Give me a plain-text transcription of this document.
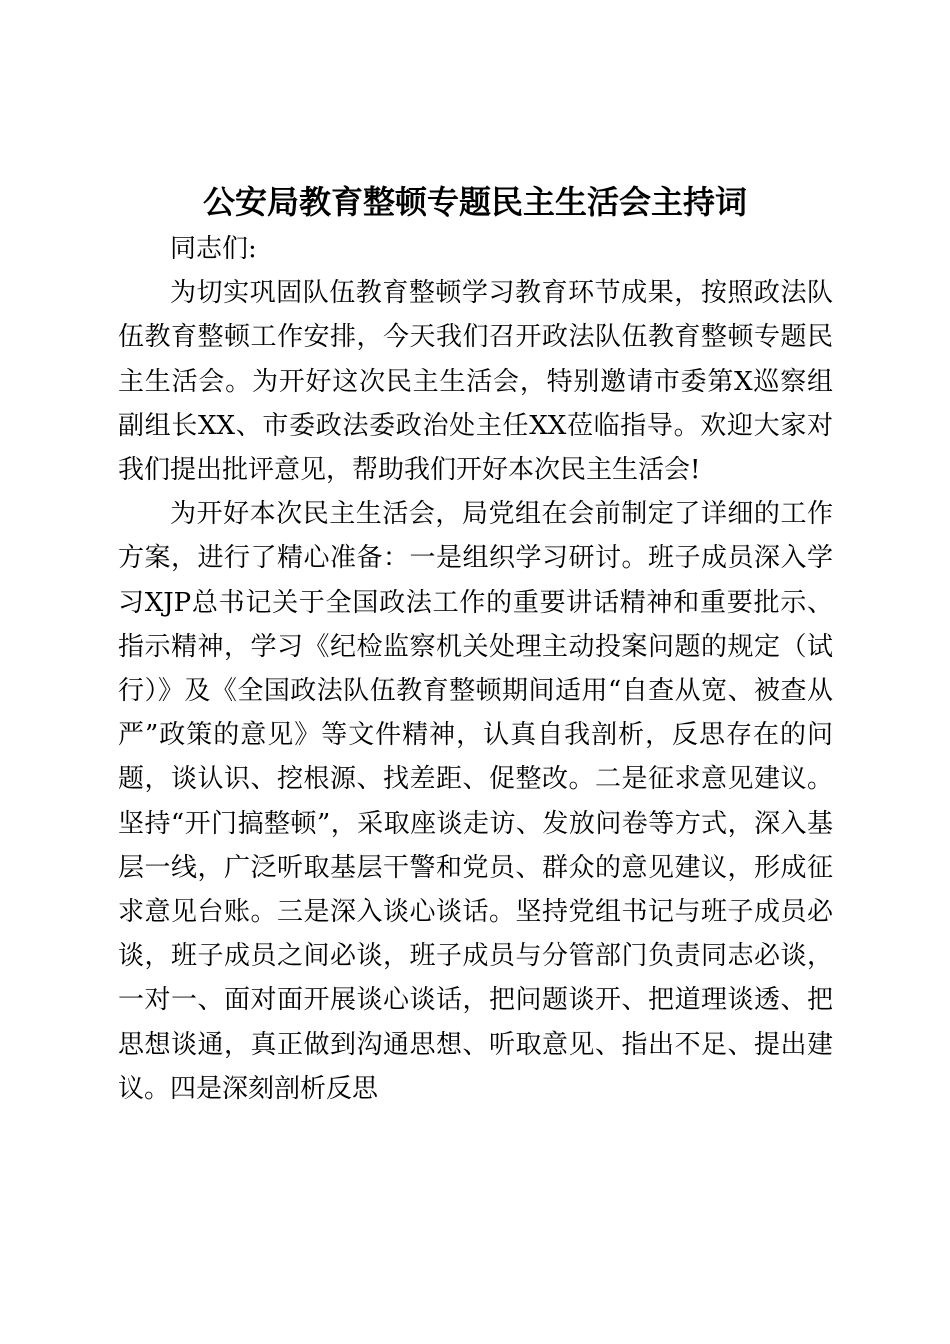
公安局教育整顿专题民主生活会主持词

同志们:

为切实巩固队伍教育整顿学习教育环节成果，按照政法队伍教育整顿工作安排，今天我们召开政法队伍教育整顿专题民主生活会。为开好这次民主生活会，特别邀请市委第X巡察组副组长XX、市委政法委政治处主任XX莅临指导。欢迎大家对我们提出批评意见，帮助我们开好本次民主生活会!

为开好本次民主生活会，局党组在会前制定了详细的工作方案，进行了精心准备：一是组织学习研讨。班子成员深入学习XJP总书记关于全国政法工作的重要讲话精神和重要批示、指示精神，学习《纪检监察机关处理主动投案问题的规定（试行）》及《全国政法队伍教育整顿期间适用“自查从宽、被查从严”政策的意见》等文件精神，认真自我剖析，反思存在的问题，谈认识、挖根源、找差距、促整改。二是征求意见建议。坚持“开门搞整顿”，采取座谈走访、发放问卷等方式，深入基层一线，广泛听取基层干警和党员、群众的意见建议，形成征求意见台账。三是深入谈心谈话。坚持党组书记与班子成员必谈，班子成员之间必谈，班子成员与分管部门负责同志必谈，一对一、面对面开展谈心谈话，把问题谈开、把道理谈透、把思想谈通，真正做到沟通思想、听取意见、指出不足、提出建议。四是深刻剖析反思
